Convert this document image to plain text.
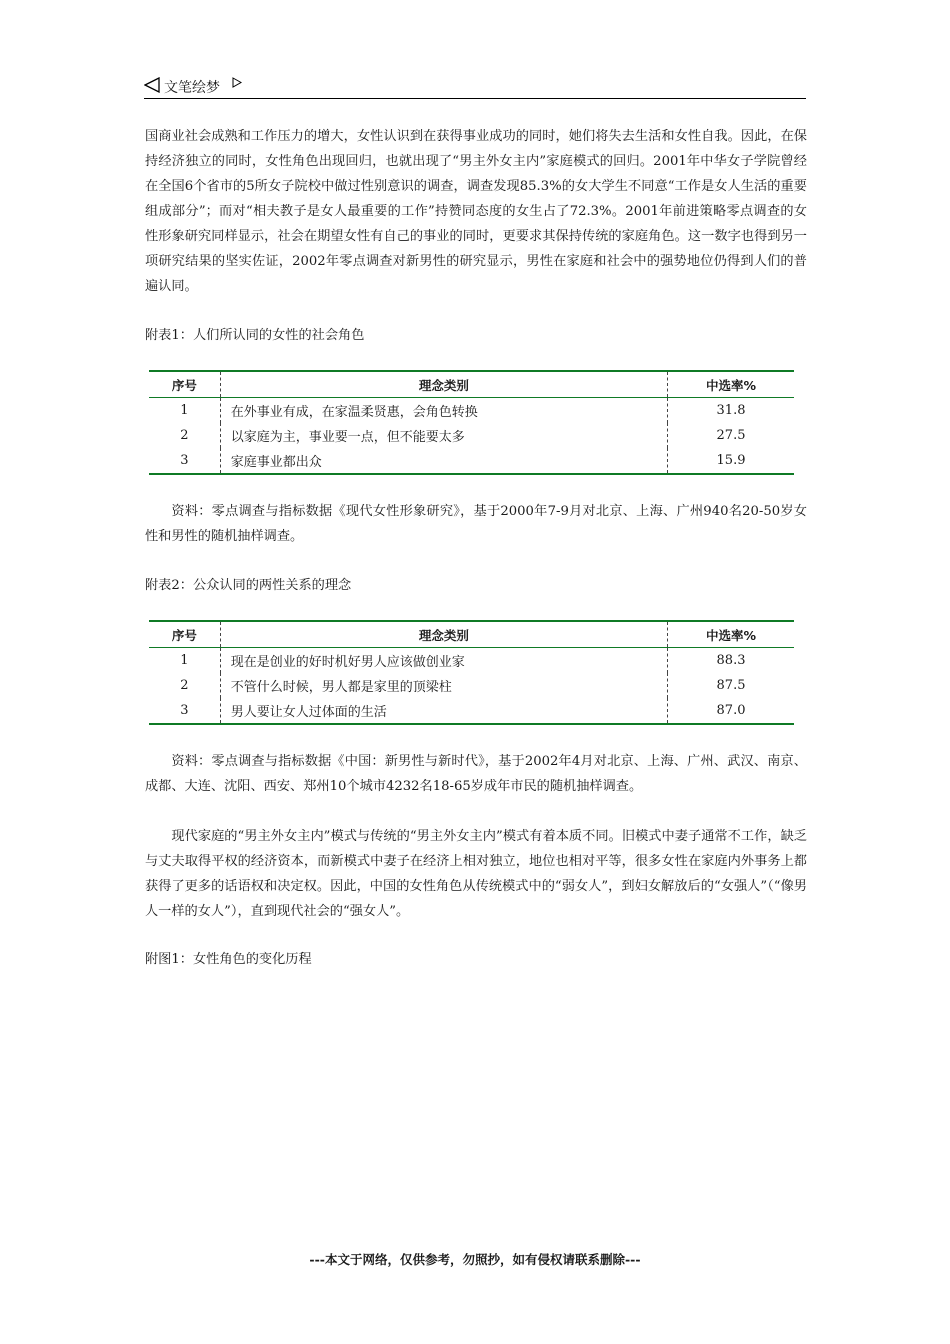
文笔绘梦

国商业社会成熟和工作压力的增大，女性认识到在获得事业成功的同时，她们将失去生活和女性自我。因此，在保持经济独立的同时，女性角色出现回归，也就出现了“男主外女主内”家庭模式的回归。2001年中华女子学院曾经在全国6个省市的5所女子院校中做过性别意识的调查，调查发现85.3%的女大学生不同意“工作是女人生活的重要组成部分”；而对“相夫教子是女人最重要的工作”持赞同态度的女生占了72.3%。2001年前进策略零点调查的女性形象研究同样显示，社会在期望女性有自己的事业的同时，更要求其保持传统的家庭角色。这一数字也得到另一项研究结果的坚实佐证，2002年零点调查对新男性的研究显示，男性在家庭和社会中的强势地位仍得到人们的普遍认同。

附表1：人们所认同的女性的社会角色

序号	理念类别	中选率%
1	在外事业有成，在家温柔贤惠，会角色转换	31.8
2	以家庭为主，事业要一点，但不能要太多	27.5
3	家庭事业都出众	15.9

资料：零点调查与指标数据《现代女性形象研究》，基于2000年7-9月对北京、上海、广州940名20-50岁女性和男性的随机抽样调查。

附表2：公众认同的两性关系的理念

序号	理念类别	中选率%
1	现在是创业的好时机好男人应该做创业家	88.3
2	不管什么时候，男人都是家里的顶梁柱	87.5
3	男人要让女人过体面的生活	87.0

资料：零点调查与指标数据《中国：新男性与新时代》，基于2002年4月对北京、上海、广州、武汉、南京、成都、大连、沈阳、西安、郑州10个城市4232名18-65岁成年市民的随机抽样调查。

现代家庭的“男主外女主内”模式与传统的“男主外女主内”模式有着本质不同。旧模式中妻子通常不工作，缺乏与丈夫取得平权的经济资本，而新模式中妻子在经济上相对独立，地位也相对平等，很多女性在家庭内外事务上都获得了更多的话语权和决定权。因此，中国的女性角色从传统模式中的“弱女人”，到妇女解放后的“女强人”（“像男人一样的女人”），直到现代社会的“强女人”。

附图1：女性角色的变化历程

---本文于网络，仅供参考，勿照抄，如有侵权请联系删除---
